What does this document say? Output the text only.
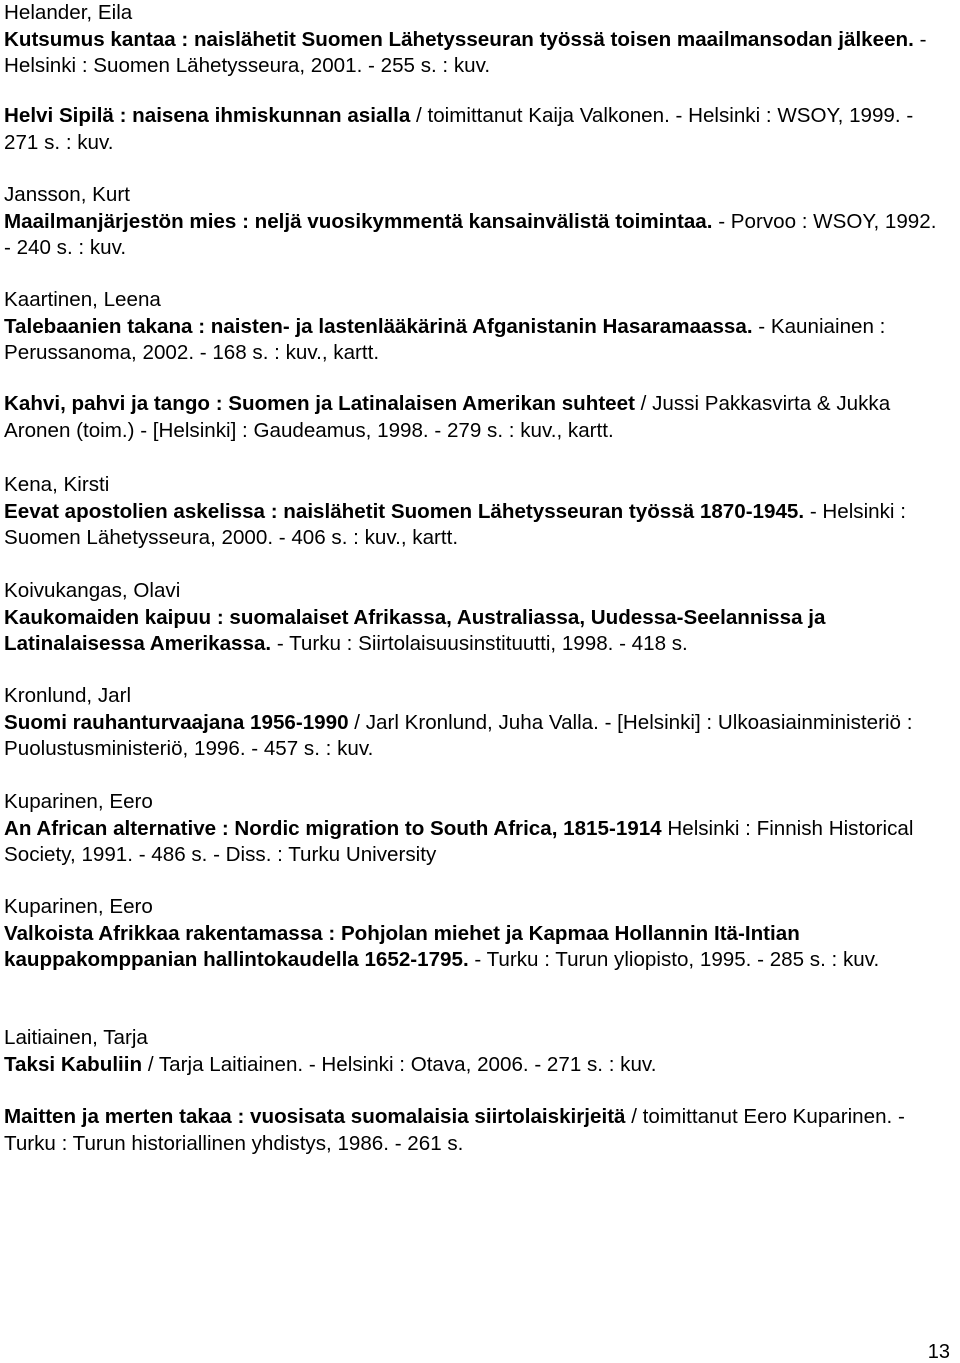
Helander, Eila
Kutsumus kantaa : naislähetit Suomen Lähetysseuran työssä toisen maailmansodan jälkeen. - Helsinki : Suomen Lähetysseura, 2001. - 255 s. : kuv.
Helvi Sipilä : naisena ihmiskunnan asialla / toimittanut Kaija Valkonen. - Helsinki : WSOY, 1999. - 271 s. : kuv.
Jansson, Kurt
Maailmanjärjestön mies : neljä vuosikymmentä kansainvälistä toimintaa. - Porvoo : WSOY, 1992. - 240 s. : kuv.
Kaartinen, Leena
Talebaanien takana : naisten- ja lastenlääkärinä Afganistanin Hasaramaassa. - Kauniainen : Perussanoma, 2002. - 168 s. : kuv., kartt.
Kahvi, pahvi ja tango : Suomen ja Latinalaisen Amerikan suhteet / Jussi Pakkasvirta & Jukka Aronen (toim.) - [Helsinki] : Gaudeamus, 1998. - 279 s. : kuv., kartt.
Kena, Kirsti
Eevat apostolien askelissa : naislähetit Suomen Lähetysseuran työssä 1870-1945. - Helsinki : Suomen Lähetysseura, 2000. - 406 s. : kuv., kartt.
Koivukangas, Olavi
Kaukomaiden kaipuu : suomalaiset Afrikassa, Australiassa, Uudessa-Seelannissa ja Latinalaisessa Amerikassa. - Turku : Siirtolaisuusinstituutti, 1998. - 418 s.
Kronlund, Jarl
Suomi rauhanturvaajana 1956-1990 / Jarl Kronlund, Juha Valla. - [Helsinki] : Ulkoasiainministeriö : Puolustusministeriö, 1996. - 457 s. : kuv.
Kuparinen, Eero
An African alternative : Nordic migration to South Africa, 1815-1914 Helsinki : Finnish Historical Society, 1991. - 486 s. - Diss. : Turku University
Kuparinen, Eero
Valkoista Afrikkaa rakentamassa : Pohjolan miehet ja Kapmaa Hollannin Itä-Intian kauppakomppanian hallintokaudella 1652-1795. - Turku : Turun yliopisto, 1995. - 285 s. : kuv.
Laitiainen, Tarja
Taksi Kabuliin / Tarja Laitiainen. - Helsinki : Otava, 2006. - 271 s. : kuv.
Maitten ja merten takaa : vuosisata suomalaisia siirtolaiskirjeitä / toimittanut Eero Kuparinen. - Turku : Turun historiallinen yhdistys, 1986. - 261 s.
13
